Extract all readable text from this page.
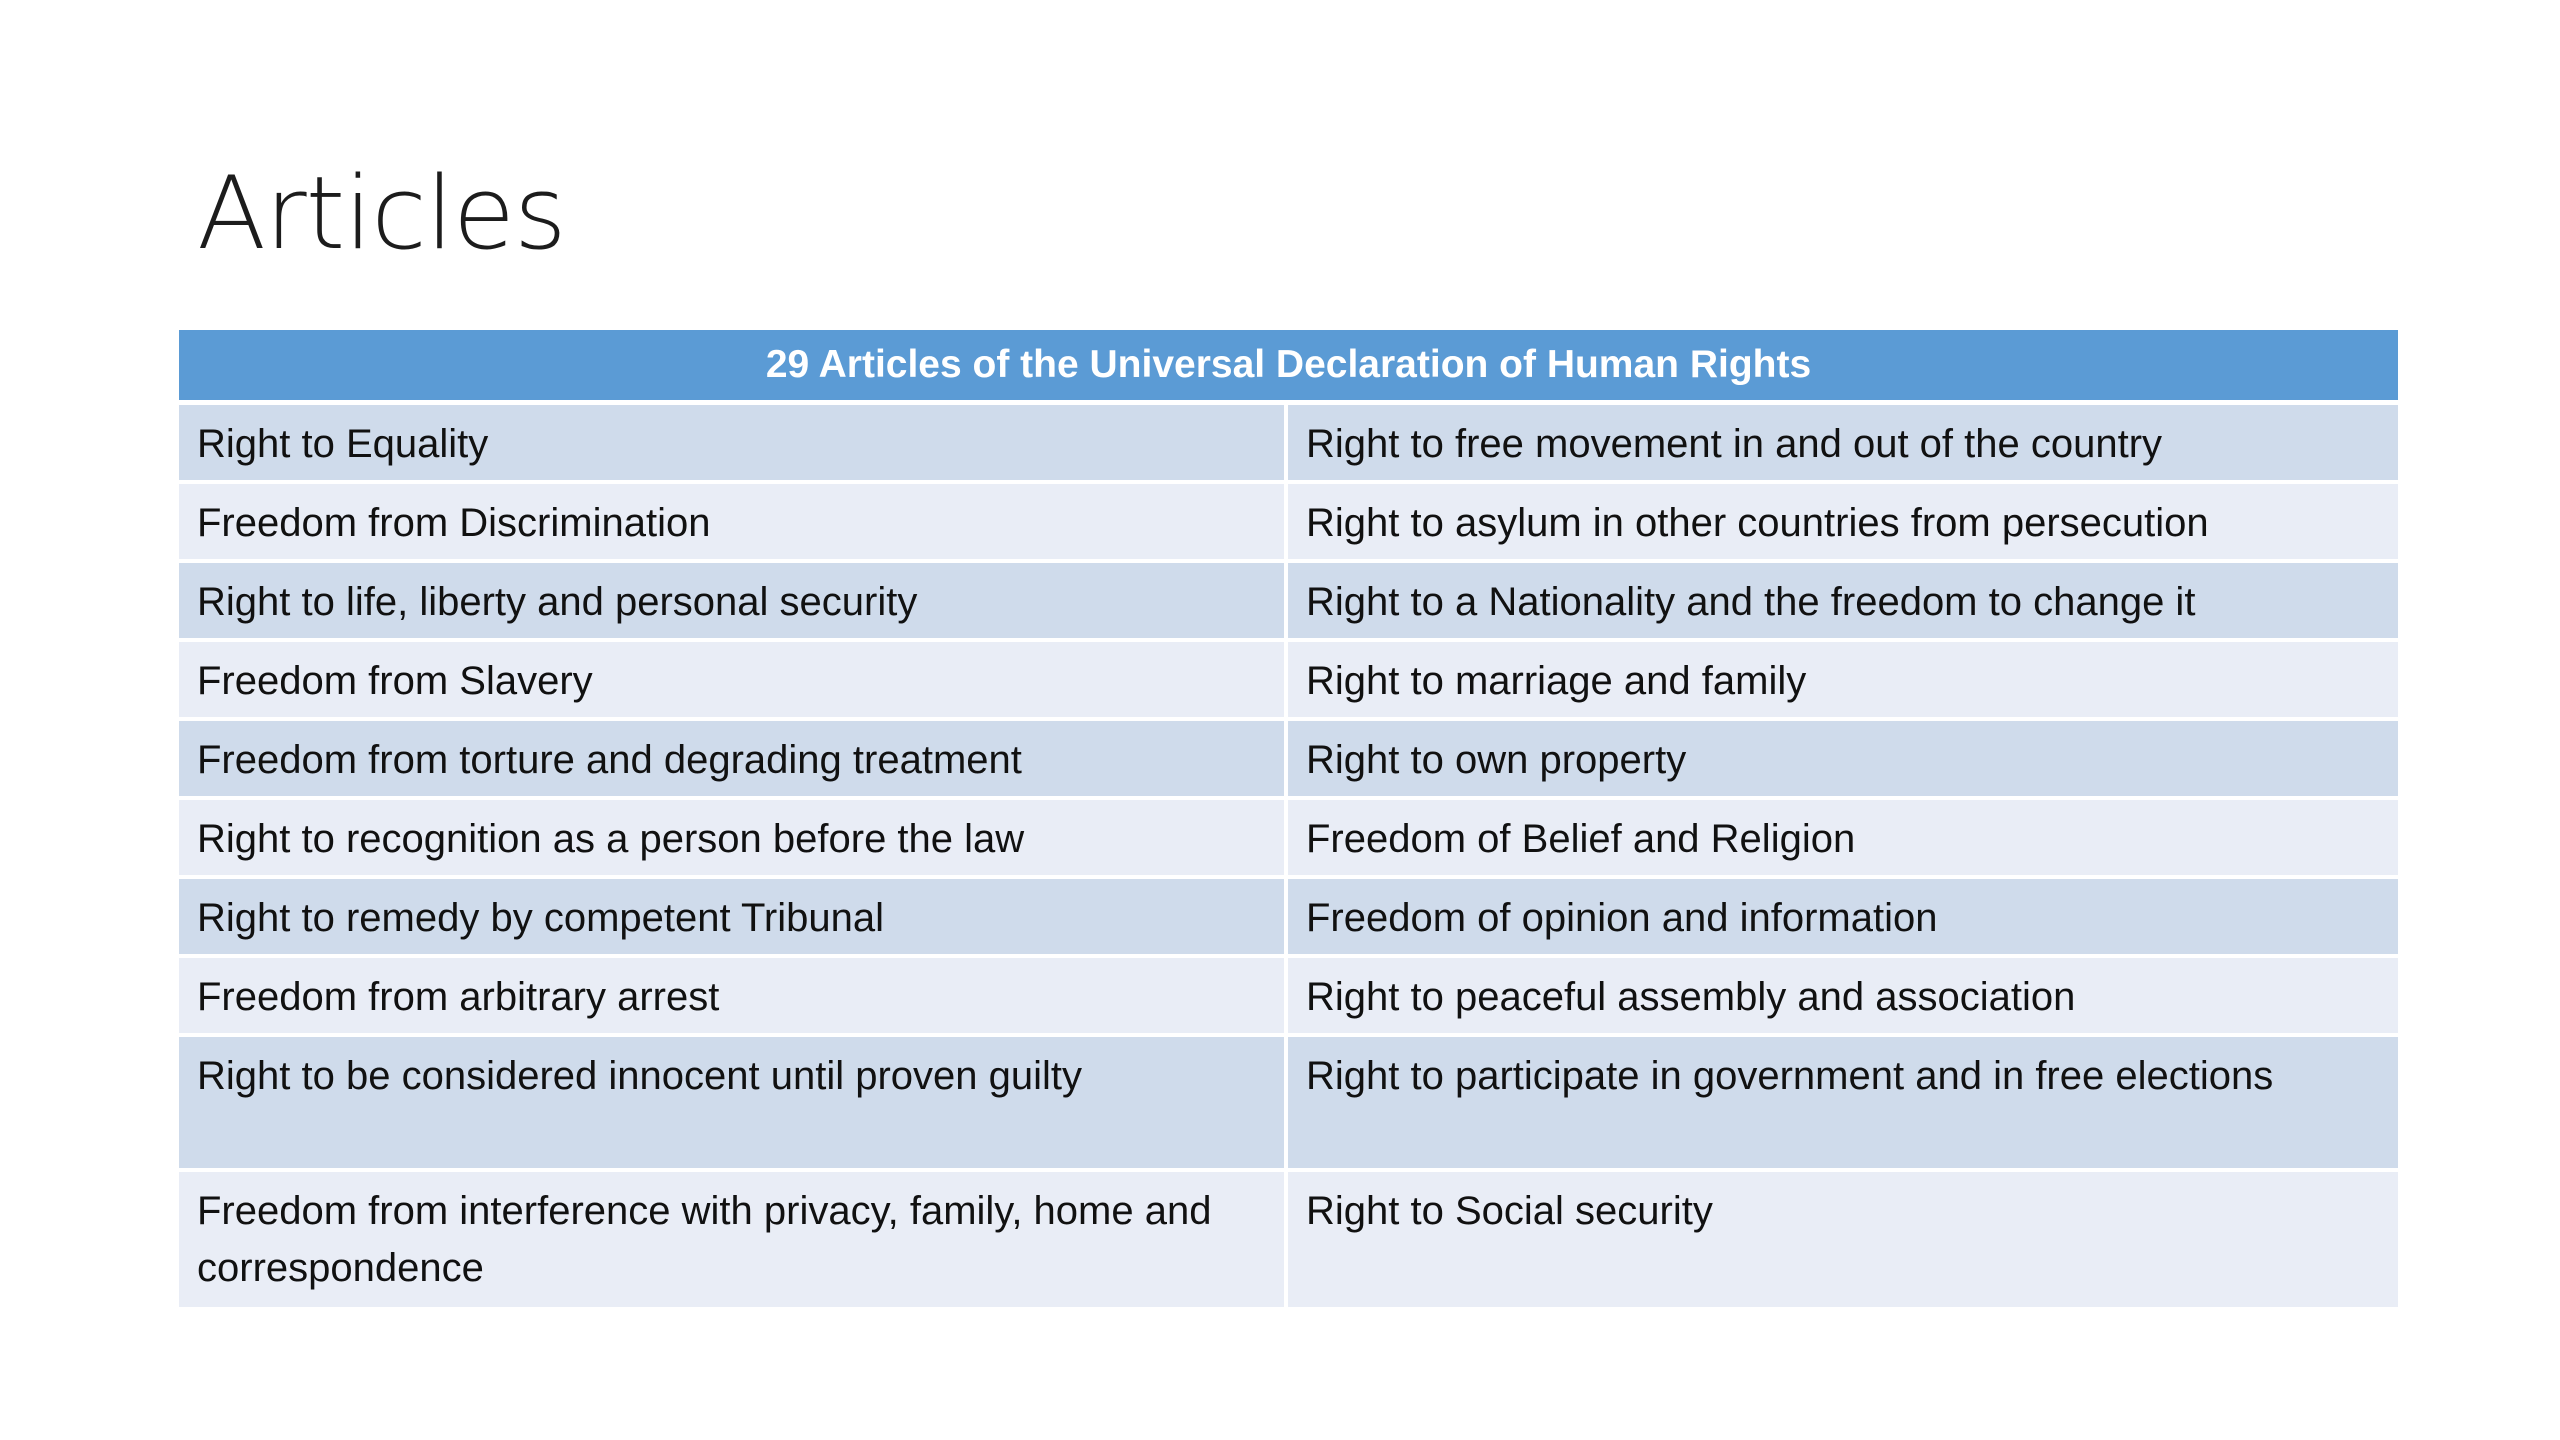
Articles
29 Articles of the Universal Declaration of Human Rights	
Right to Equality	Right to free movement in and out of the country
Freedom from Discrimination	Right to asylum in other countries from persecution
Right to life, liberty and personal security	Right to a Nationality and the freedom to change it
Freedom from Slavery	Right to marriage and family
Freedom from torture and degrading treatment	Right to own property
Right to recognition as a person before the law	Freedom of Belief and Religion
Right to remedy by competent Tribunal	Freedom of opinion and information
Freedom from arbitrary arrest	Right to peaceful assembly and association
Right to be considered innocent until proven guilty	Right to participate in government and in free elections
Freedom from interference with privacy, family, home and correspondence	Right to Social security
